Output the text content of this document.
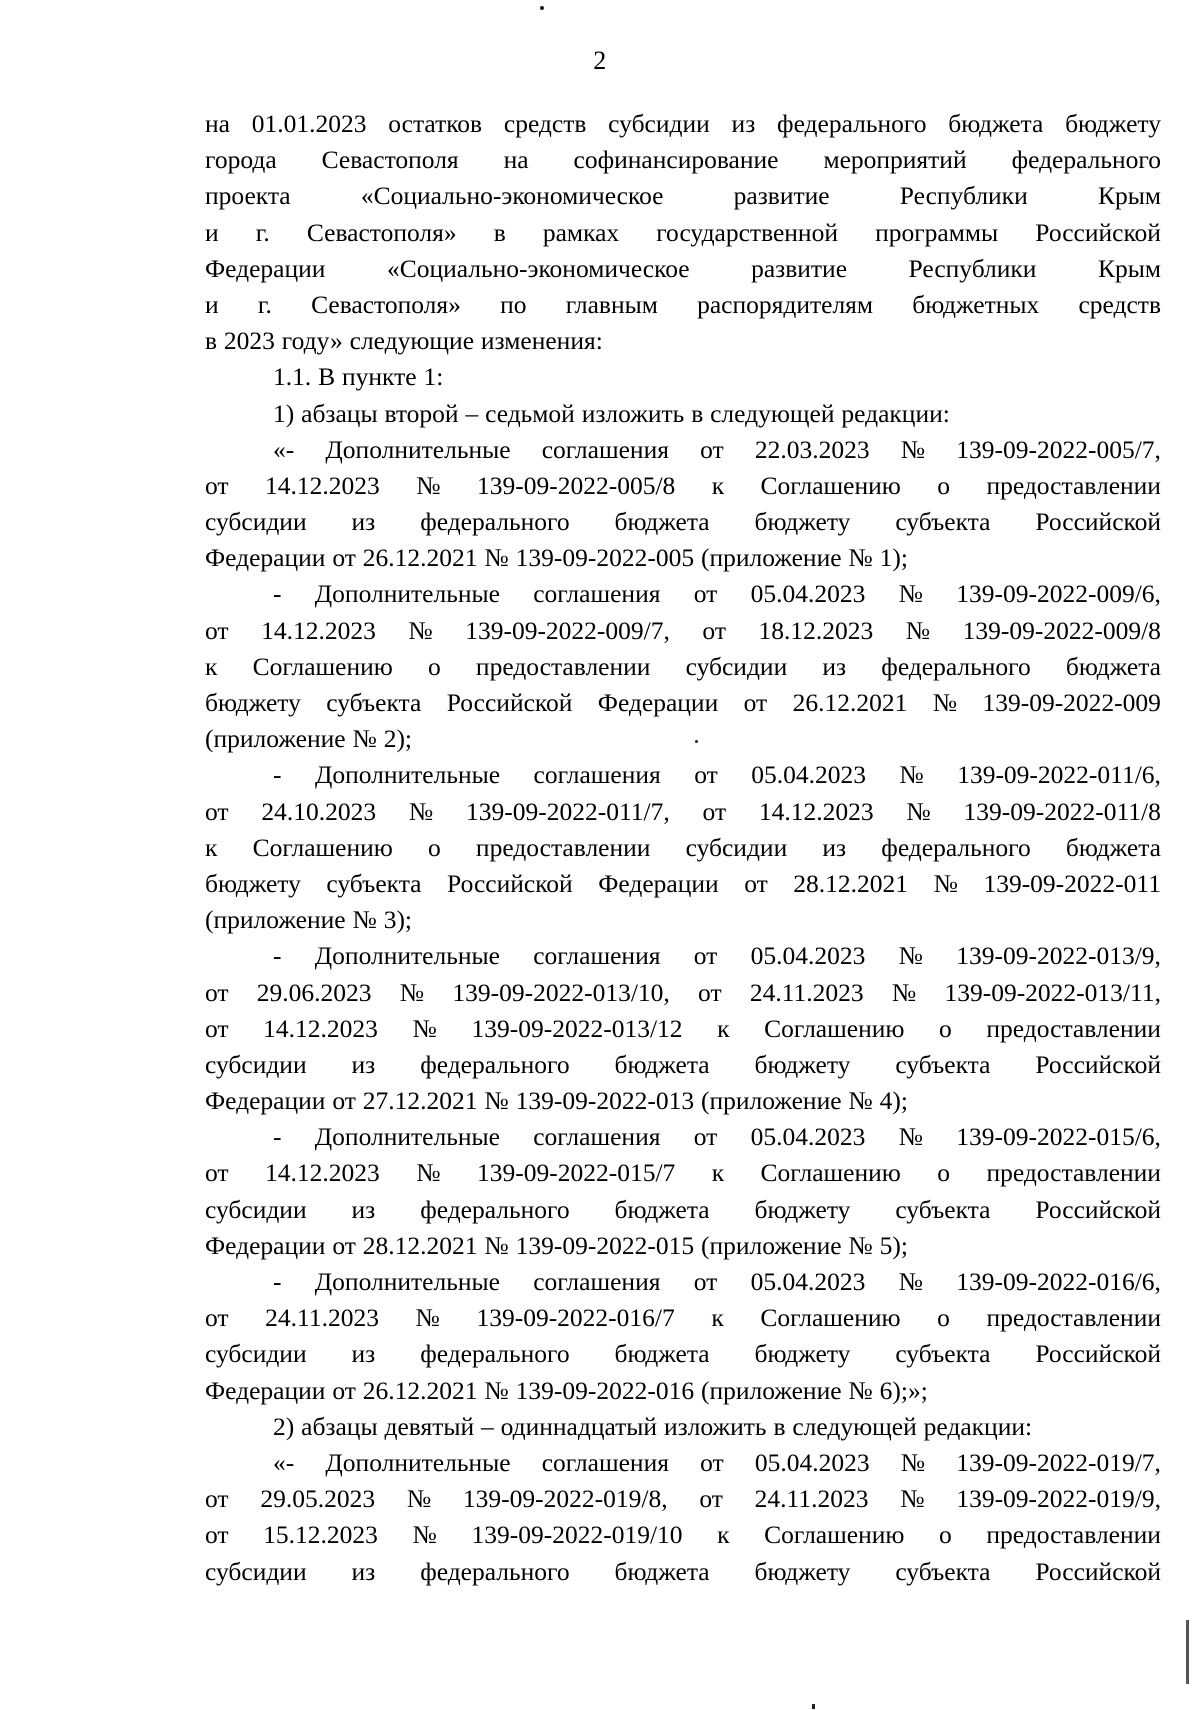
2
на 01.01.2023 остатков средств субсидии из федерального бюджета бюджету
города Севастополя на софинансирование мероприятий федерального
проекта	«Социально-экономическое	развитие	Республики	Крым
и г. Севастополя» в рамках государственной программы Российской
Федерации «Социально-экономическое развитие Республики Крым
и г. Севастополя» по главным распорядителям бюджетных средств
в 2023 году» следующие изменения:
1.1. В пункте 1:
1) абзацы второй – седьмой изложить в следующей редакции:
«- Дополнительные соглашения от 22.03.2023 № 139-09-2022-005/7,
от 14.12.2023 № 139-09-2022-005/8 к Соглашению о предоставлении
субсидии из федерального бюджета бюджету субъекта Российской
Федерации от 26.12.2021 № 139-09-2022-005 (приложение № 1);
- Дополнительные соглашения от 05.04.2023 № 139-09-2022-009/6,
от 14.12.2023 № 139-09-2022-009/7, от 18.12.2023 № 139-09-2022-009/8
к Соглашению о предоставлении субсидии из федерального бюджета
бюджету субъекта Российской Федерации от 26.12.2021 № 139-09-2022-009
(приложение № 2);
- Дополнительные соглашения от 05.04.2023 № 139-09-2022-011/6,
от 24.10.2023 № 139-09-2022-011/7, от 14.12.2023 № 139-09-2022-011/8
к Соглашению о предоставлении субсидии из федерального бюджета
бюджету субъекта Российской Федерации от 28.12.2021 № 139-09-2022-011
(приложение № 3);
- Дополнительные соглашения от 05.04.2023 № 139-09-2022-013/9,
от 29.06.2023 № 139-09-2022-013/10, от 24.11.2023 № 139-09-2022-013/11,
от 14.12.2023 № 139-09-2022-013/12 к Соглашению о предоставлении
субсидии из федерального бюджета бюджету субъекта Российской
Федерации от 27.12.2021 № 139-09-2022-013 (приложение № 4);
- Дополнительные соглашения от 05.04.2023 № 139-09-2022-015/6,
от 14.12.2023 № 139-09-2022-015/7 к Соглашению о предоставлении
субсидии из федерального бюджета бюджету субъекта Российской
Федерации от 28.12.2021 № 139-09-2022-015 (приложение № 5);
- Дополнительные соглашения от 05.04.2023 № 139-09-2022-016/6,
от 24.11.2023 № 139-09-2022-016/7 к Соглашению о предоставлении
субсидии из федерального бюджета бюджету субъекта Российской
Федерации от 26.12.2021 № 139-09-2022-016 (приложение № 6);»;
2) абзацы девятый – одиннадцатый изложить в следующей редакции:
«- Дополнительные соглашения от 05.04.2023 № 139-09-2022-019/7,
от 29.05.2023 № 139-09-2022-019/8, от 24.11.2023 № 139-09-2022-019/9,
от 15.12.2023 № 139-09-2022-019/10 к Соглашению о предоставлении
субсидии из федерального бюджета бюджету субъекта Российской
